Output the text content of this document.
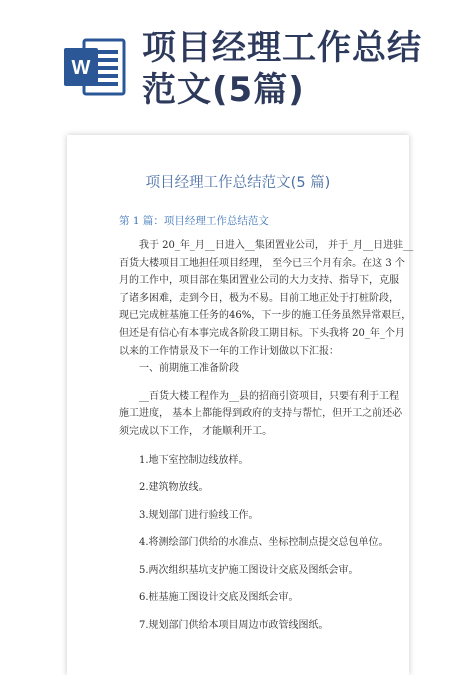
W 项目经理工作总结
范文(5篇)
项目经理工作总结范文(5 篇)
第 1 篇：项目经理工作总结范文
我于 20_年_月__日进入__集团置业公司， 并于_月__日进驻__
百货大楼项目工地担任项目经理， 至今已三个月有余。在这 3 个
月的工作中，项目部在集团置业公司的大力支持、指导下，克服
了诸多困难，走到今日，极为不易。目前工地正处于打桩阶段，
现已完成桩基施工任务的46%，下一步的施工任务虽然异常艰巨，
但还是有信心有本事完成各阶段工期目标。下头我将 20_年_个月
以来的工作情景及下一年的工作计划做以下汇报：
一、前期施工准备阶段
__百货大楼工程作为__县的招商引资项目，只要有利于工程
施工进度， 基本上都能得到政府的支持与帮忙，但开工之前还必
须完成以下工作， 才能顺利开工。
1.地下室控制边线放样。
2.建筑物放线。
3.规划部门进行验线工作。
4.将测绘部门供给的水准点、坐标控制点提交总包单位。
5.两次组织基坑支护施工图设计交底及图纸会审。
6.桩基施工图设计交底及图纸会审。
7.规划部门供给本项目周边市政管线图纸。
